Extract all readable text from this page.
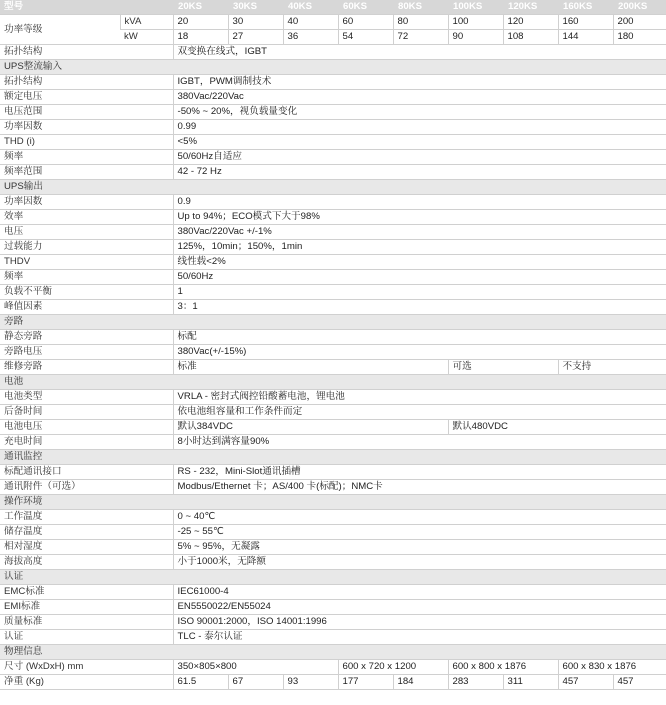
型号		20KS	30KS	40KS	60KS	80KS	100KS	120KS	160KS	200KS
功率等级	kVA	20	30	40	60	80	100	120	160	200
	kW	18	27	36	54	72	90	108	144	180
拓扑结构		双变换在线式，IGBT								
UPS整流输入										
拓扑结构		IGBT，PWM调制技术								
额定电压		380Vac/220Vac								
电压范围		-50% ~ 20%，视负载量变化								
功率因数		0.99								
THD (i)		<5%								
频率		50/60Hz自适应								
频率范围		42 - 72 Hz								
UPS输出										
功率因数		0.9								
效率		Up to 94%；ECO模式下大于98%								
电压		380Vac/220Vac +/-1%								
过载能力		125%，10min；150%，1min								
THDV		线性载<2%								
频率		50/60Hz								
负载不平衡		1								
峰值因素		3：1								
旁路										
静态旁路		标配								
旁路电压		380Vac(+/-15%)								
维修旁路		标准					可选		不支持	
电池										
电池类型		VRLA - 密封式阀控铅酸蓄电池，锂电池								
后备时间		依电池组容量和工作条件而定								
电池电压		默认384VDC					默认480VDC			
充电时间		8小时达到满容量90%								
通讯监控										
标配通讯接口		RS - 232，Mini-Slot通讯插槽								
通讯附件（可选）		Modbus/Ethernet 卡；AS/400 卡(标配)；NMC卡								
操作环境										
工作温度		0 ~ 40℃								
储存温度		-25 ~ 55℃								
相对湿度		5% ~ 95%，无凝露								
海拔高度		小于1000米，无降额								
认证										
EMC标准		IEC61000-4								
EMI标准		EN5550022/EN55024								
质量标准		ISO 90001:2000，ISO 14001:1996								
认证		TLC - 泰尔认证								
物理信息										
尺寸 (WxDxH) mm		350×805×800			600 x 720 x 1200		600 x 800 x 1876		600 x 830 x 1876	
净重 (Kg)		61.5	67	93	177	184	283	311	457	457
